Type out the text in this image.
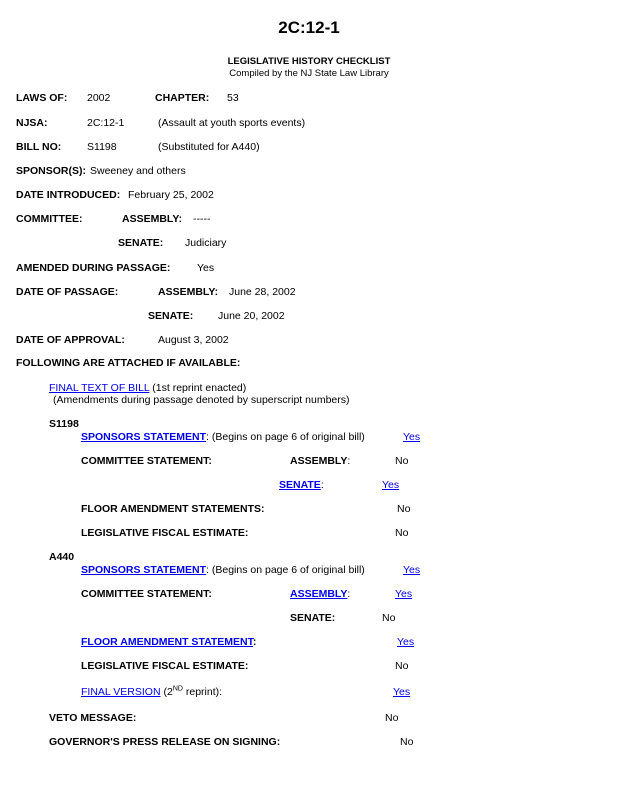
2C:12-1
LEGISLATIVE HISTORY CHECKLIST
Compiled by the NJ State Law Library
LAWS OF: 2002	CHAPTER: 53
NJSA:	2C:12-1	(Assault at youth sports events)
BILL NO: S1198	(Substituted for A440)
SPONSOR(S): Sweeney and others
DATE INTRODUCED: February 25, 2002
COMMITTEE:	ASSEMBLY: -----
SENATE: Judiciary
AMENDED DURING PASSAGE:	Yes
DATE OF PASSAGE:	ASSEMBLY: June 28, 2002
SENATE: June 20, 2002
DATE OF APPROVAL:	August 3, 2002
FOLLOWING ARE ATTACHED IF AVAILABLE:
FINAL TEXT OF BILL (1st reprint enacted)
(Amendments during passage denoted by superscript numbers)
S1198
SPONSORS STATEMENT: (Begins on page 6 of original bill)	Yes
COMMITTEE STATEMENT:	ASSEMBLY:	No
SENATE:	Yes
FLOOR AMENDMENT STATEMENTS:	No
LEGISLATIVE FISCAL ESTIMATE:	No
A440
SPONSORS STATEMENT: (Begins on page 6 of original bill)	Yes
COMMITTEE STATEMENT:	ASSEMBLY:	Yes
SENATE:	No
FLOOR AMENDMENT STATEMENT:	Yes
LEGISLATIVE FISCAL ESTIMATE:	No
FINAL VERSION (2ND reprint):	Yes
VETO MESSAGE:	No
GOVERNOR'S PRESS RELEASE ON SIGNING:	No
